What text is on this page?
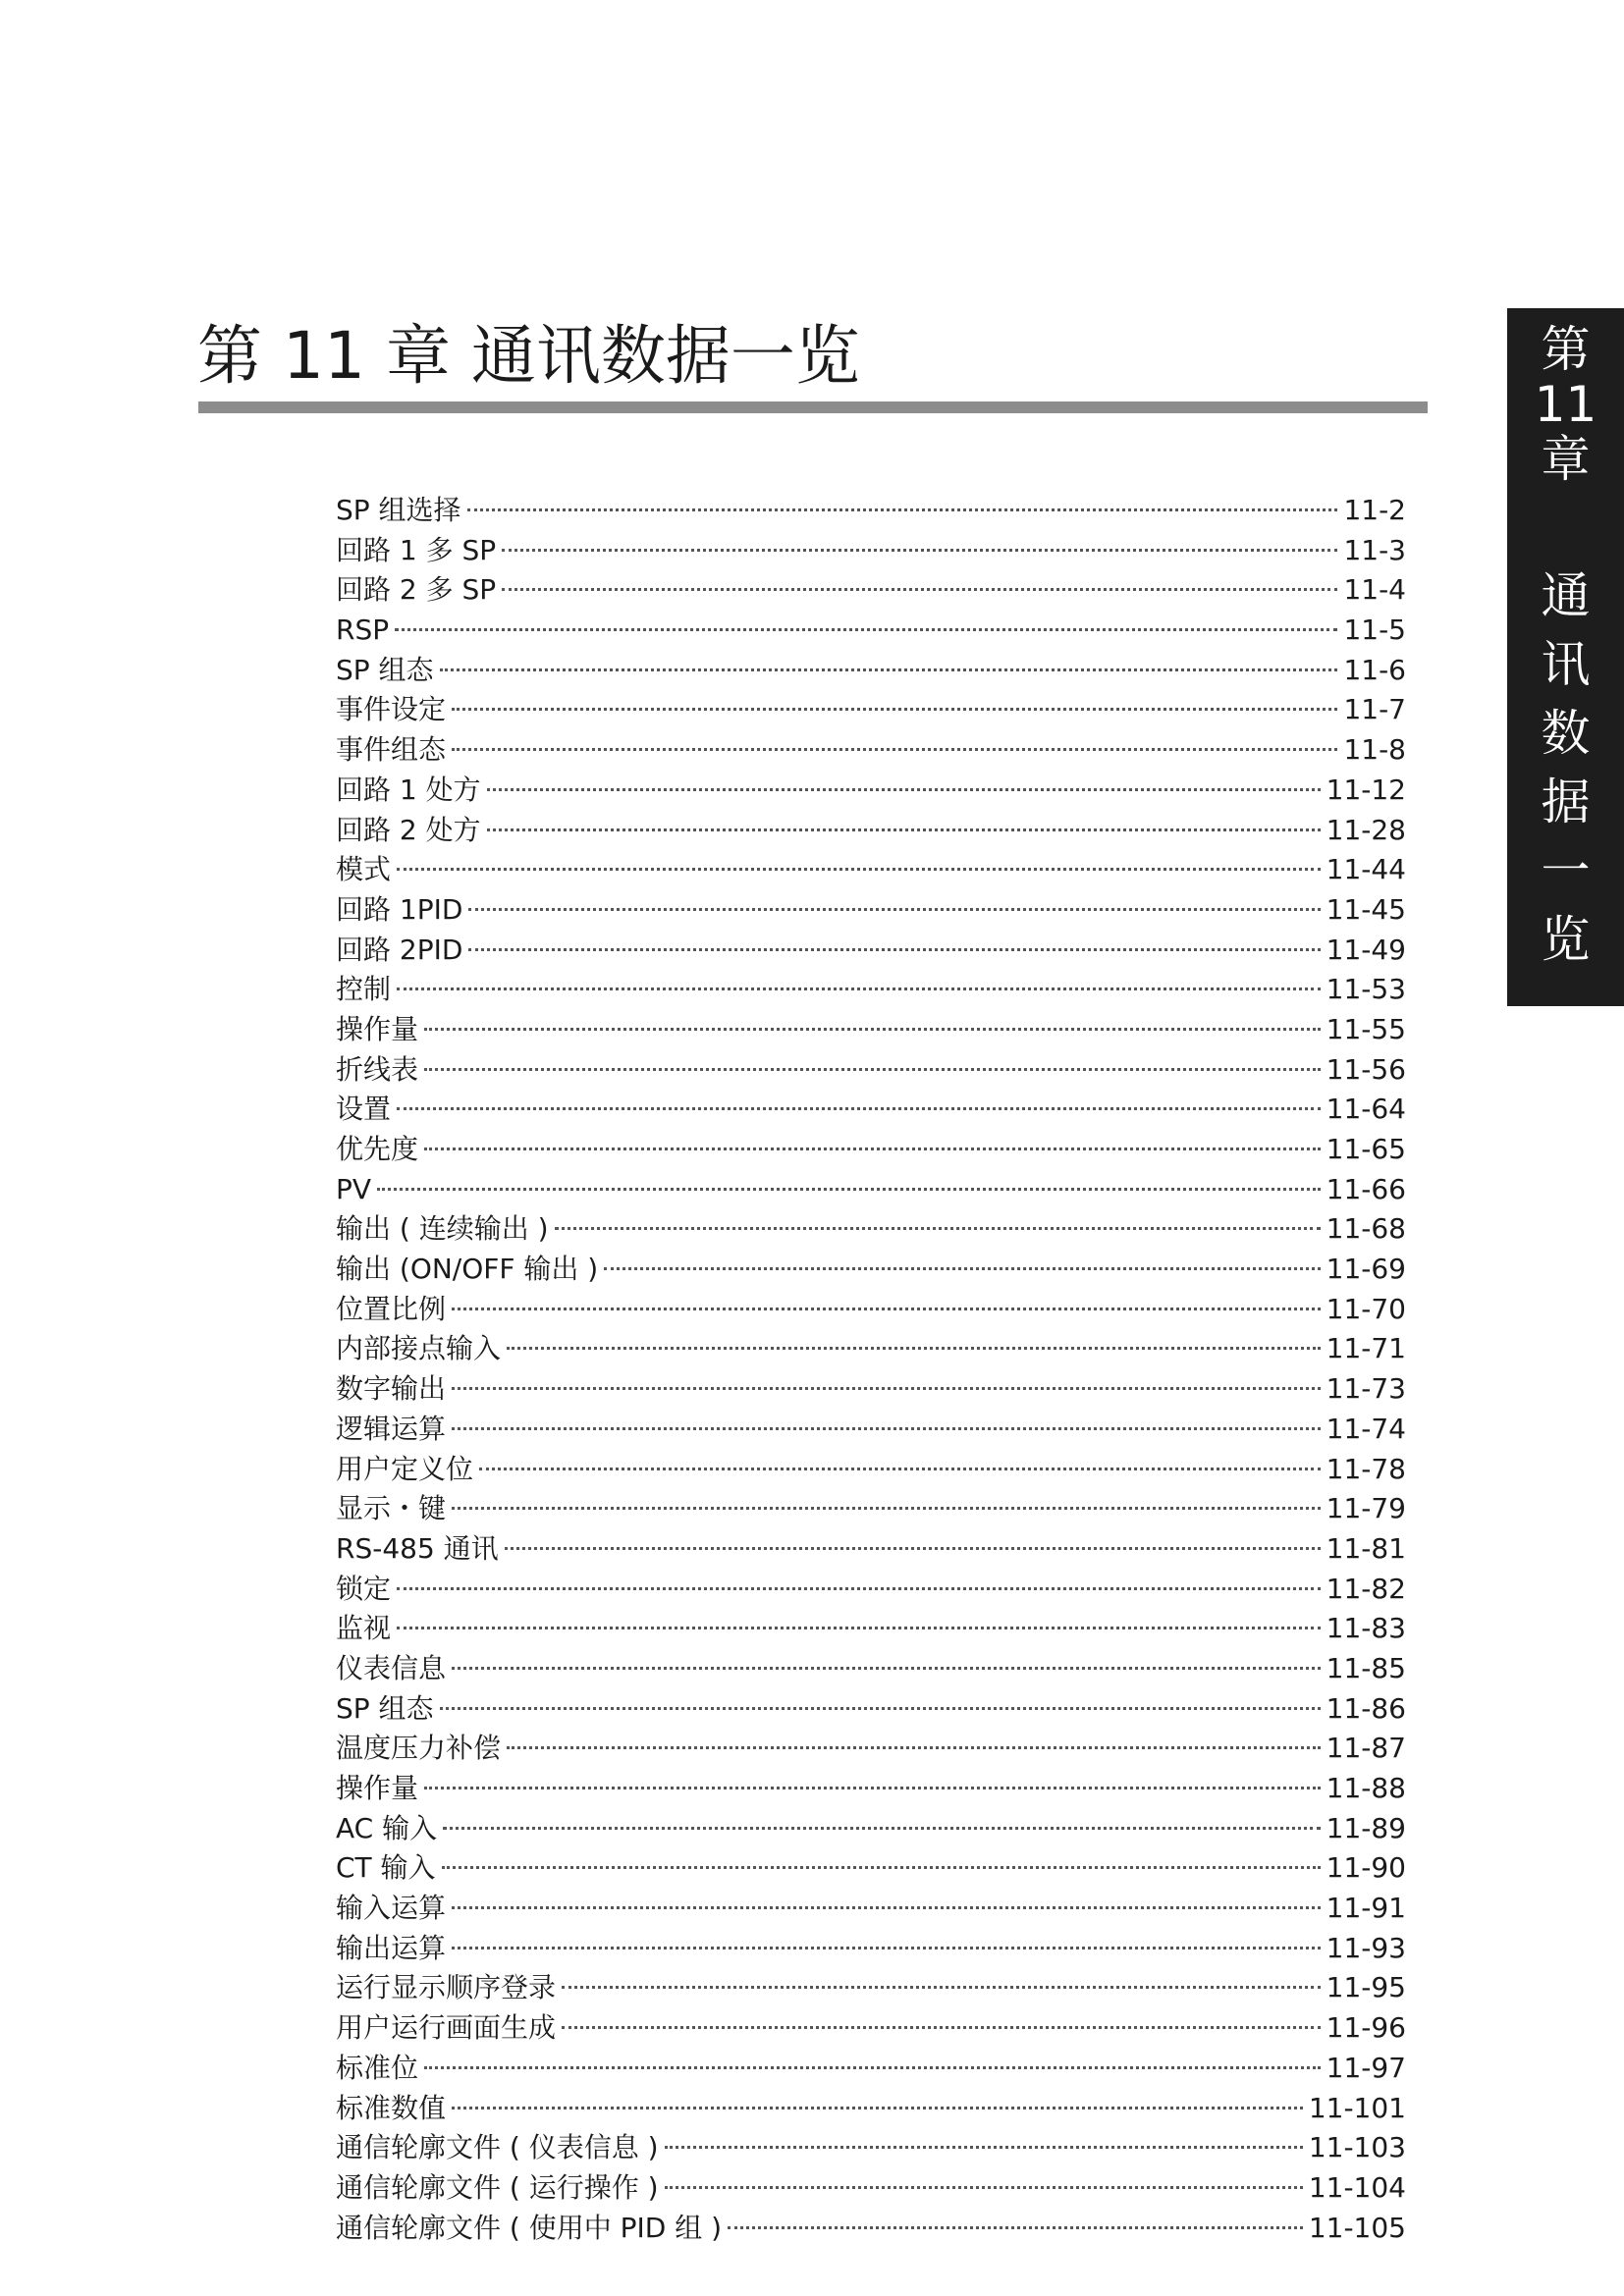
第 11 章 通讯数据一览	第
11
章
通
讯
数
据
一
览
SP 组选择	11-2
回路 1 多 SP	11-3
回路 2 多 SP	11-4
RSP	11-5
SP 组态	11-6
事件设定	11-7
事件组态	11-8
回路 1 处方	11-12
回路 2 处方	11-28
模式	11-44
回路 1PID	11-45
回路 2PID	11-49
控制	11-53
操作量	11-55
折线表	11-56
设置	11-64
优先度	11-65
PV	11-66
输出 ( 连续输出 )	11-68
输出 (ON/OFF 输出 )	11-69
位置比例	11-70
内部接点输入	11-71
数字输出	11-73
逻辑运算	11-74
用户定义位	11-78
显示・键	11-79
RS-485 通讯	11-81
锁定	11-82
监视	11-83
仪表信息	11-85
SP 组态	11-86
温度压力补偿	11-87
操作量	11-88
AC 输入	11-89
CT 输入	11-90
输入运算	11-91
输出运算	11-93
运行显示顺序登录	11-95
用户运行画面生成	11-96
标准位	11-97
标准数值	11-101
通信轮廓文件 ( 仪表信息 )	11-103
通信轮廓文件 ( 运行操作 )	11-104
通信轮廓文件 ( 使用中 PID 组 )	11-105
